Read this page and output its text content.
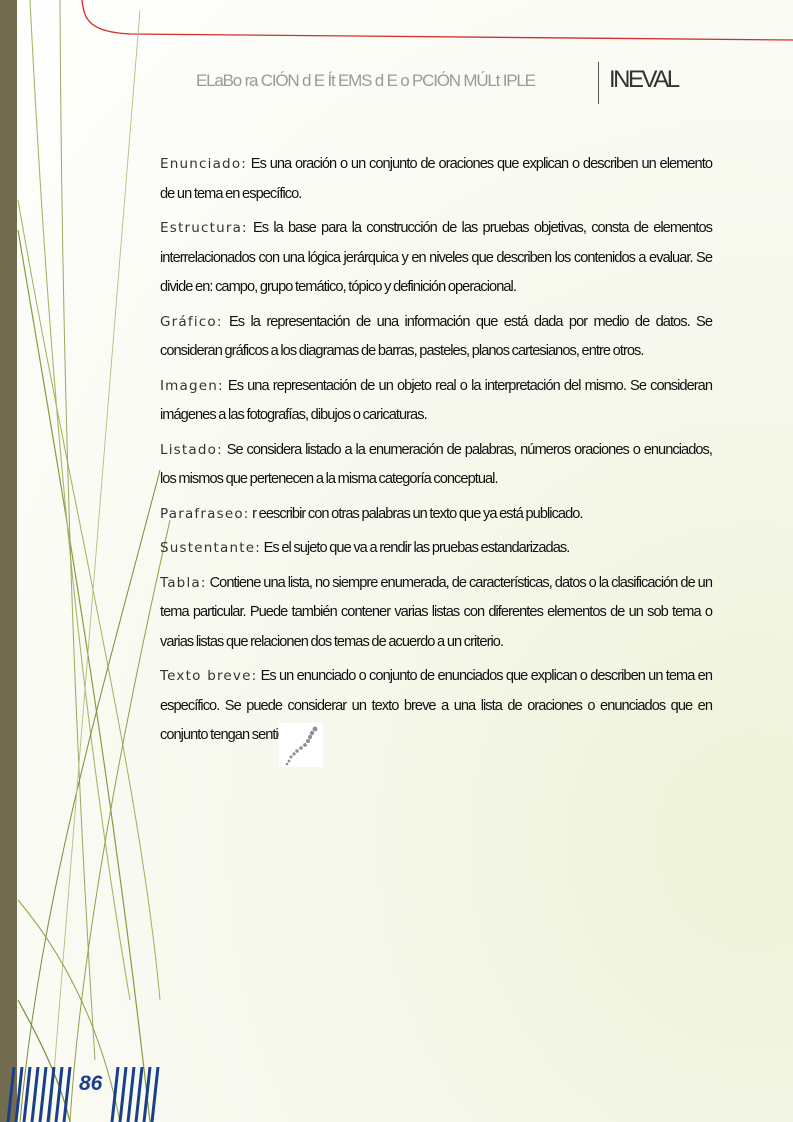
ELaBo ra CIÓN d E Ít EMS d E o PCIÓN MÚLt IPLE	INEVAL

Enunciado: Es una oración o un conjunto de oraciones que explican o describen un elemento de un tema en específico.

Estructura: Es la base para la construcción de las pruebas objetivas, consta de elementos interrelacionados con una lógica jerárquica y en niveles que describen los contenidos a evaluar. Se divide en: campo, grupo temático, tópico y definición operacional.

Gráfico: Es la representación de una información que está dada por medio de datos. Se consideran gráficos a los diagramas de barras, pasteles, planos cartesianos, entre otros.

Imagen: Es una representación de un objeto real o la interpretación del mismo. Se consideran imágenes a las fotografías, dibujos o caricaturas.

Listado: Se considera listado a la enumeración de palabras, números oraciones o enunciados, los mismos que pertenecen a la misma categoría conceptual.

Parafraseo: r eescribir con otras palabras un texto que ya está publicado.

Sustentante: Es el sujeto que va a rendir las pruebas estandarizadas.

Tabla: Contiene una lista, no siempre enumerada, de características, datos o la clasificación de un tema particular. Puede también contener varias listas con diferentes elementos de un sob tema o varias listas que relacionen dos temas de acuerdo a un criterio.

Texto breve: Es un enunciado o conjunto de enunciados que explican o describen un tema en específico. Se puede considerar un texto breve a una lista de oraciones o enunciados que en conjunto tengan sentid

86
